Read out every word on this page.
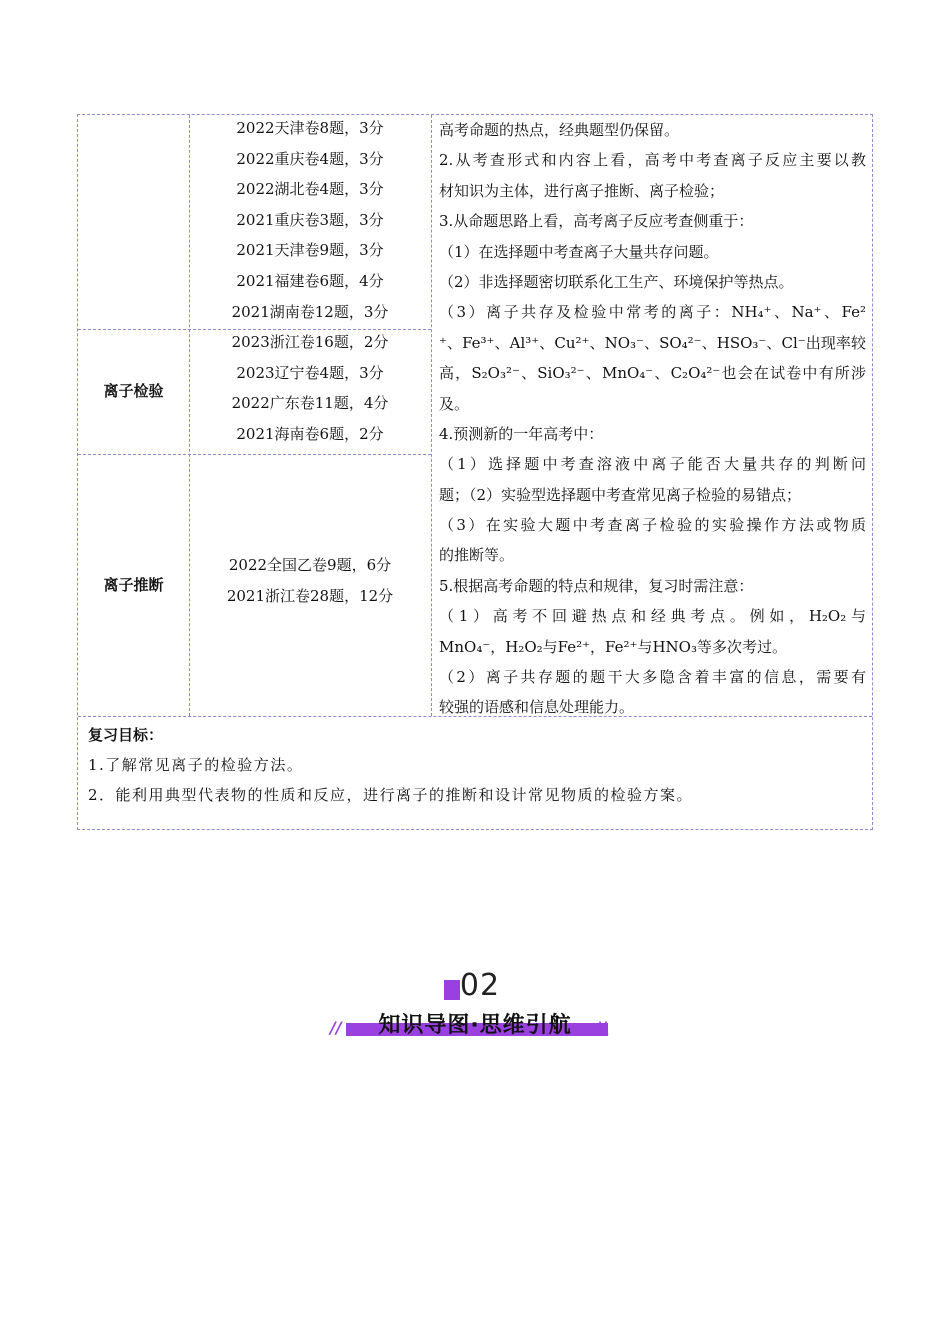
2022天津卷8题，3分
2022重庆卷4题，3分
2022湖北卷4题，3分
2021重庆卷3题，3分
2021天津卷9题，3分
2021福建卷6题，4分
2021湖南卷12题，3分
离子检验
2023浙江卷16题，2分
2023辽宁卷4题，3分
2022广东卷11题，4分
2021海南卷6题，2分
离子推断
2022全国乙卷9题，6分
2021浙江卷28题，12分
高考命题的热点，经典题型仍保留。
2.从考查形式和内容上看，高考中考查离子反应主要以教
材知识为主体，进行离子推断、离子检验；
3.从命题思路上看，高考离子反应考查侧重于：
（1）在选择题中考查离子大量共存问题。
（2）非选择题密切联系化工生产、环境保护等热点。
（3）离子共存及检验中常考的离子：NH₄⁺、Na⁺、Fe²
⁺、Fe³⁺、Al³⁺、Cu²⁺、NO₃⁻、SO₄²⁻、HSO₃⁻、Cl⁻出现率较
高，S₂O₃²⁻、SiO₃²⁻、MnO₄⁻、C₂O₄²⁻也会在试卷中有所涉
及。
4.预测新的一年高考中：
（1）选择题中考查溶液中离子能否大量共存的判断问
题；（2）实验型选择题中考查常见离子检验的易错点；
（3）在实验大题中考查离子检验的实验操作方法或物质
的推断等。
5.根据高考命题的特点和规律，复习时需注意：
（1）高考不回避热点和经典考点。例如，H₂O₂与
MnO₄⁻，H₂O₂与Fe²⁺，Fe²⁺与HNO₃等多次考过。
（2）离子共存题的题干大多隐含着丰富的信息，需要有
较强的语感和信息处理能力。
复习目标：
1.了解常见离子的检验方法。
2．能利用典型代表物的性质和反应，进行离子的推断和设计常见物质的检验方案。
02
//	知识导图·思维引航	\\
